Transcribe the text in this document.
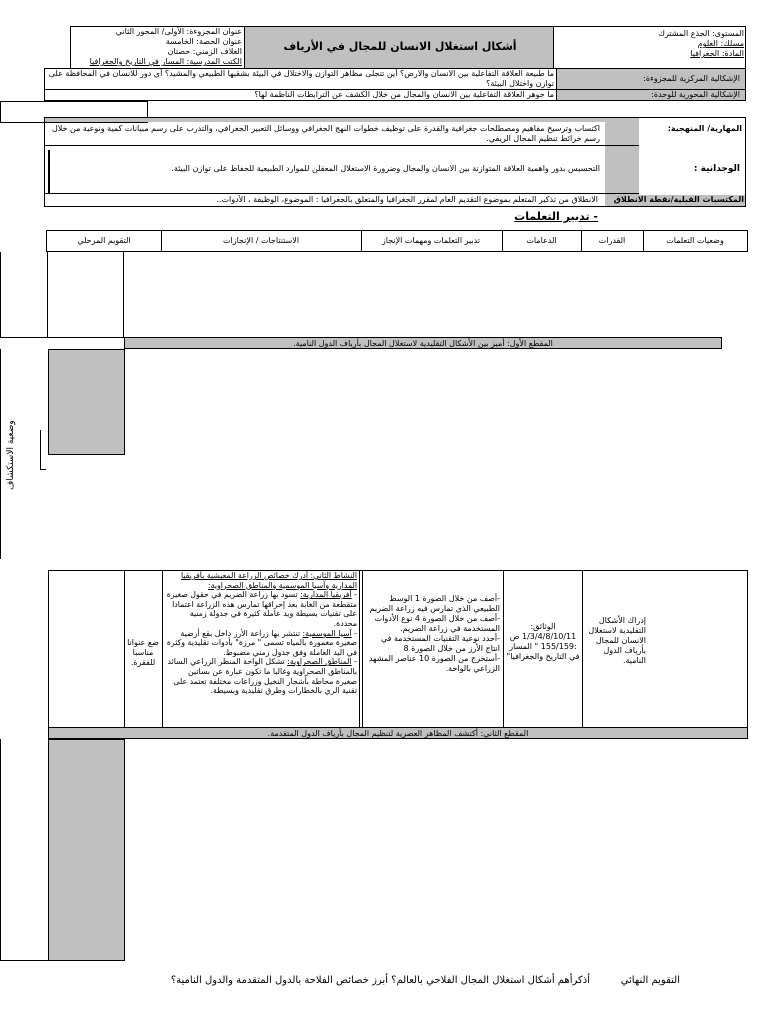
المستوى: الجذع المشترك
مسلك: العلوم
المادة: الجغرافيا
أشكال استغلال الانسان للمجال في الأرياف
عنوان المجزوءة: الأولى/ المحور الثاني
عنوان الحصة: الخامسة
الغلاف الزمني: حصتان
الكتب المدرسية: المسار في التاريخ والجغرافيا
الإشكالية المركزية للمجزوءة:
ما طبيعة العلاقة التفاعلية بين الانسان والارض؟ أين تتجلى مظاهر التوازن والاختلال في البيئة بشقيها الطبيعي والمشيد؟ أي دور للانسان في المحافظة على توازن واختلال البيئة؟
الإشكالية المحورية للوحدة:
ما جوهر العلاقة التفاعلية بين الانسان والمجال من خلال الكشف عن الترابطات الناظمة لها؟
المهارية/ المنهجية:
اكتساب وترسيخ مفاهيم ومصطلحات جغرافية والقدرة على توظيف خطوات النهج الجغرافي ووسائل التعبير الجغرافي، والتدرب على رسم مبيانات كمية ونوعية من خلال رسم خرائط تنظيم المجال الريفي.
الوجدانية :
التحسيس بدور واهمية العلاقة المتوازنة بين الانسان والمجال وضرورة الاستغلال المعقلن للموارد الطبيعية للحفاظ على توازن البيئة.
المكتسبات القبلية/نقطة الانطلاق
الانطلاق من تذكير المتعلم بموضوع التقديم العام لمقرر الجغرافيا والمتعلق بالجغرافيا : الموضوع، الوظيفة ، الأدوات..
- تدبير التعلمات
وضعيات التعلمات
القدرات
الدعامات
تدبير التعلمات ومهمات الإنجاز
الاستنتاجات / الإنجازات
التقويم المرحلي
المقطع الأول: أميز بين الأشكال التقليدية لاستغلال المجال بأرياف الدول النامية.
وضعية الاستكشاف
إدراك الأشكال التقليدية لاستغلال الانسان للمجال بأرياف الدول النامية.
الوثائق: 1/3/4/8/10/11 ص :155/159 " المسار في التاريخ والجغرافيا"
-أصف من خلال الصورة 1 الوسط الطبيعي الذي تمارس فيه زراعة الضريم
-أصف من خلال الصورة 4 نوع الأدوات المستخدمة في زراعة الضريم.
-أحدد نوعية التقنيات المستخدمة في انتاج الأرز من خلال الصورة 8
-أستخرج من الصورة 10 عناصر المشهد الزراعي بالواحة.
النشاط الثاني: أدرك خصائص الزراعة المعيشية بأفريقيا المدارية وآسيا الموسمية والمناطق الصحراوية:
- أفريقيا المدارية: تسود بها زراعة الضريم في حقول صغيرة متقطعة من الغابة بعد إحراقها تمارس هذه الزراعة اعتمادا على تقنيات بسيطة ويد عاملة كثيرة في جدولة زمنية محددة.
- آسيا الموسمية: تنتشر بها زراعة الأرز داخل بقع أرضية صغيرة مغمورة بالمياه تسمى " مرزة" بأدوات تقليدية وكثرة في اليد العاملة وفق جدول زمني مضبوط.
- المناطق الصحراوية: تشكل الواحة المنظر الزراعي السائد بالمناطق الصحراوية وغالبا ما تكون عبارة عن بساتين صغيرة محاطة بأشجار النخيل وزراعات مختلفة تعتمد على تقنية الري بالخطارات وطرق تقليدية وبسيطة.
ضع عنوانا مناسبا للفقرة.
المقطع الثاني: أكتشف المظاهر العصرية لتنظيم المجال بأرياف الدول المتقدمة.
التقويم النهائي
أذكرأهم أشكال استغلال المجال الفلاحي بالعالم؟ أبرز خصائص الفلاحة بالدول المتقدمة والدول النامية؟
